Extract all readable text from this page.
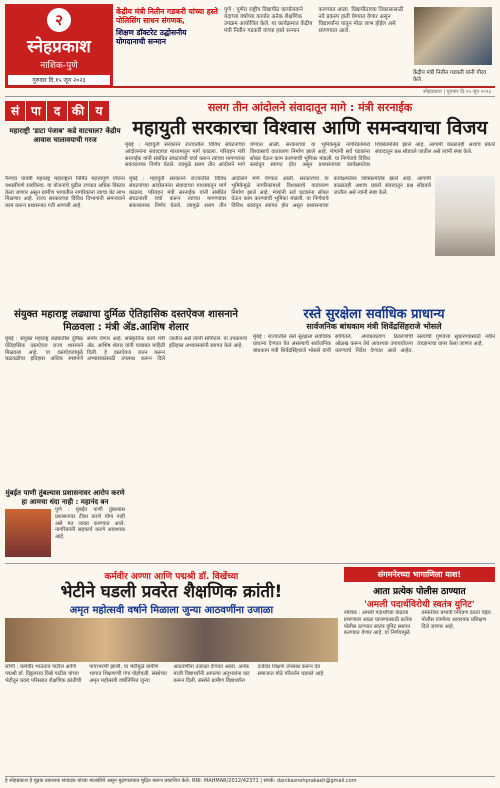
२
स्नेहप्रकाश
नाशिक-पुणे
गुरुवार दि.१५ जून २०२३
केंद्रीय मंत्री नितीन गडकरी यांच्या हस्ते पोलिसिंग साधन संगणक,
शिक्षण डॉक्टरेट उद्घोसनीय योगदानाची सन्मान
पुणे : पुणेरा राष्ट्रीय विद्यापीठ कार्यालयाने यंदाच्या वर्षाच्या कार्यात अनेक शैक्षणिक उपक्रम आयोजित केले. या कार्यक्रमात केंद्रीय मंत्री नितीन गडकरी यांच्या हस्ते सन्मान करण्यात आला. विद्यापीठाच्या विकासासाठी नवे प्रकल्प हाती घेण्यात येणार असून विद्यार्थ्यांना यातून मोठा लाभ होईल असे सांगण्यात आले.
केंद्रीय मंत्री नितीन गडकरी यांनी गौरव केले.
स्नेहप्रकाश | गुरुवार दि.१५ जून २०२३
सं पा द की य
महाराष्ट्री 'डाटा पंजाब' कडे वाटचाल? केंद्रीय आवास चालावयाची गरज
सलग तीन आंदोलने संवादातून मागे : मंत्री सरनाईक
महायुती सरकारचा विश्वास आणि समन्वयाचा विजय
मुंबई : महायुती सरकारने राज्यातील विविध संघटनांच्या आंदोलनांना संवादाच्या माध्यमातून मार्ग काढला. परिवहन मंत्री सरनाईक यांनी संबंधित संघटनांशी चर्चा करून त्यांच्या मागण्यांवर सकारात्मक निर्णय घेतले. त्यामुळे सलग तीन आंदोलने मागे घेण्यात आली. सरकारच्या या भूमिकेमुळे नागरिकांमध्ये विश्वासाचे वातावरण निर्माण झाले आहे. मंत्र्यांनी सर्व घटकांना सोबत घेऊन काम करण्याची भूमिका मांडली. या निर्णयाचे विविध स्तरांतून स्वागत होत असून प्रशासनाच्या कार्यक्षमतेवर शिक्कामोर्तब झाले आहे. आगामी काळातही अशाच प्रकारे संवादातून प्रश्न सोडवले जातील असे त्यांनी स्पष्ट केले.
नैनच्या यावर्षी महाराष्ट्र महाराष्ट्राने निर्मित महत्त्वपूर्ण योजना यशस्वीपणे राबविल्या. या योजनांचे पुढील टप्प्यात अधिक विस्तार केला जाणार असून ग्रामीण भागातील नागरिकांना त्याचा थेट लाभ मिळणार आहे. राज्य सरकारच्या विविध विभागांनी समन्वयाने काम करून प्रशासनात गती आणली आहे.
मुंबई : महायुती सरकारने राज्यातील विविध संघटनांच्या आंदोलनांना संवादाच्या माध्यमातून मार्ग काढला. परिवहन मंत्री सरनाईक यांनी संबंधित संघटनांशी चर्चा करून त्यांच्या मागण्यांवर सकारात्मक निर्णय घेतले. त्यामुळे सलग तीन आंदोलने मागे घेण्यात आली. सरकारच्या या भूमिकेमुळे नागरिकांमध्ये विश्वासाचे वातावरण निर्माण झाले आहे. मंत्र्यांनी सर्व घटकांना सोबत घेऊन काम करण्याची भूमिका मांडली. या निर्णयाचे विविध स्तरांतून स्वागत होत असून प्रशासनाच्या कार्यक्षमतेवर शिक्कामोर्तब झाले आहे. आगामी काळातही अशाच प्रकारे संवादातून प्रश्न सोडवले जातील असे त्यांनी स्पष्ट केले.
संयुक्त महाराष्ट्र लढ्याचा दुर्मिळ ऐतिहासिक दस्तऐवज शासनाने मिळवला : मंत्री ॲड.आशिष शेलार
मुंबई : संयुक्त महाराष्ट्र लढ्यातील दुर्मिळ ऐतिहासिक दस्तऐवज राज्य शासनाने मिळवला आहे. या दस्तऐवजांमुळे चळवळीचा इतिहास अधिक स्पष्टपणे समोर येणार आहे. सांस्कृतिक कार्य मंत्री ॲड. आशिष शेलार यांनी याबाबत माहिती दिली. हे दस्तऐवज जतन करून अभ्यासकांसाठी उपलब्ध करून दिले जातील असे त्यांनी सांगितले. या उपक्रमाचे इतिहास अभ्यासकांनी स्वागत केले आहे.
रस्ते सुरक्षेला सर्वाधिक प्राधान्य
सार्वजनिक बांधकाम मंत्री शिवेंद्रसिंहराजे भोसले
मुंबई : राज्यातील रस्ते सुरक्षेला सर्वाधिक प्राधान्य देण्यात येत असल्याचे सार्वजनिक बांधकाम मंत्री शिवेंद्रसिंहराजे भोसले यांनी सांगितले. अपघातप्रवण ठिकाणांची ओळख करून तेथे आवश्यक उपाययोजना करण्याचे निर्देश देण्यात आले आहेत. रस्त्यांची गुणवत्ता सुधारण्यासाठी नवीन तंत्रज्ञानाचा वापर केला जाणार आहे.
मुंबईत पाणी तुंबल्यास प्रशासनावर आरोप करणे हा आमचा धंदा नाही : महानंद बन
पुणे : मुंबईत पाणी तुंबल्यास प्रशासनावर टीका करणे योग्य नाही असे मत व्यक्त करण्यात आले. नागरिकांनी सहकार्य करणे आवश्यक आहे.
कर्मवीर अण्णा आणि पद्मश्री डॉ. विखेंच्या
भेटीने घडली प्रवरेत शैक्षणिक क्रांती!
अमृत महोत्सवी वर्षाने मिळाला जुन्या आठवणींना उजाळा
लोणी : कर्मवीर भाऊराव पाटील आणि पद्मश्री डॉ. विठ्ठलराव विखे पाटील यांच्या भेटीतून प्रवरा परिसरात शैक्षणिक क्रांतीची पायाभरणी झाली. या भेटीमुळे ग्रामीण भागात शिक्षणाची गंगा पोहोचली. संस्थेच्या अमृत महोत्सवी वर्षानिमित्त जुन्या आठवणींना उजाळा देण्यात आला. अनेक माजी विद्यार्थ्यांनी आपल्या अनुभवांना वाट करून दिली. संस्थेने ग्रामीण विद्यार्थ्यांना दर्जेदार शिक्षण उपलब्ध करून देत समाजात मोठे परिवर्तन घडवले आहे.
संगमनेरच्या भागाणिला याश!
आता प्रत्येक पोलीस ठाण्यात
'अमली पदार्थविरोधी स्वतंत्र युनिट'
नाशिक : अमली पदार्थांच्या वाढत्या प्रमाणाला आळा घालण्यासाठी प्रत्येक पोलीस ठाण्यात स्वतंत्र युनिट स्थापन करण्यात येणार आहे. या निर्णयामुळे तस्करीवर प्रभावी नियंत्रण ठेवता येईल. पोलीस यंत्रणेला आवश्यक प्रशिक्षण दिले जाणार आहे.
हे स्नेहप्रकाश हे मुद्रक प्रकाशक संपादक यांच्या मालकीचे असून मुद्रणालयात मुद्रित करून प्रकाशित केले. RNI: MAHMAR/2012/42371 | संपर्क: danikasnehprakash@gmail.com
